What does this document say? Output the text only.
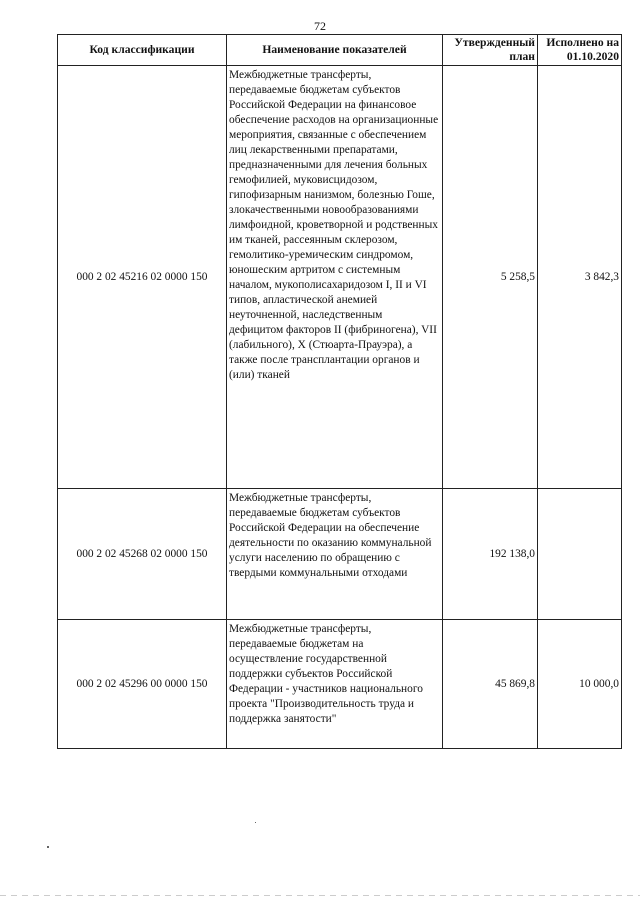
72
Код классификации	Наименование показателей	Утвержденный план	Исполнено на 01.10.2020
000 2 02 45216 02 0000 150	Межбюджетные трансферты, передаваемые бюджетам субъектов Российской Федерации на финансовое обеспечение расходов на организационные мероприятия, связанные с обеспечением лиц лекарственными препаратами, предназначенными для лечения больных гемофилией, муковисцидозом, гипофизарным нанизмом, болезнью Гоше, злокачественными новообразованиями лимфоидной, кроветворной и родственных им тканей, рассеянным склерозом, гемолитико-уремическим синдромом, юношеским артритом с системным началом, мукополисахаридозом I, II и VI типов, апластической анемией неуточненной, наследственным дефицитом факторов II (фибриногена), VII (лабильного), X (Стюарта-Прауэра), а также после трансплантации органов и (или) тканей	5 258,5	3 842,3
000 2 02 45268 02 0000 150	Межбюджетные трансферты, передаваемые бюджетам субъектов Российской Федерации на обеспечение деятельности по оказанию коммунальной услуги населению по обращению с твердыми коммунальными отходами	192 138,0	
000 2 02 45296 00 0000 150	Межбюджетные трансферты, передаваемые бюджетам на осуществление государственной поддержки субъектов Российской Федерации - участников национального проекта "Производительность труда и поддержка занятости"	45 869,8	10 000,0
